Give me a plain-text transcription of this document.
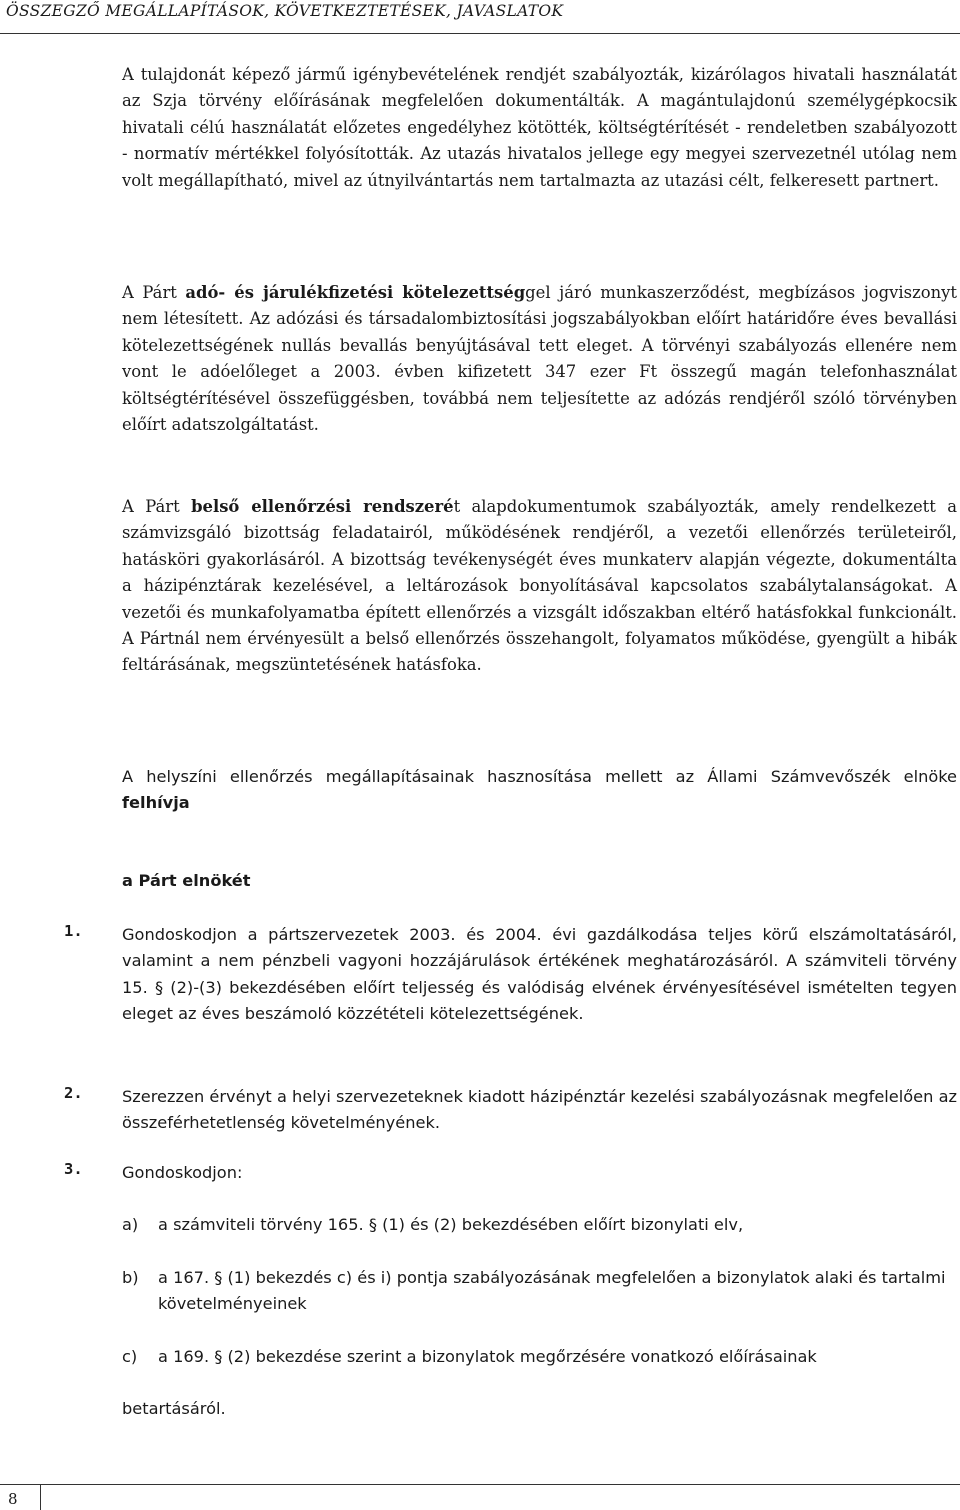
ÖSSZEGZŐ MEGÁLLAPÍTÁSOK, KÖVETKEZTETÉSEK, JAVASLATOK

A tulajdonát képező jármű igénybevételének rendjét szabályozták, kizárólagos hivatali használatát az Szja törvény előírásának megfelelően dokumentálták. A magántulajdonú személygépkocsik hivatali célú használatát előzetes engedélyhez kötötték, költségtérítését - rendeletben szabályozott - normatív mértékkel folyósították. Az utazás hivatalos jellege egy megyei szervezetnél utólag nem volt megállapítható, mivel az útnyilvántartás nem tartalmazta az utazási célt, felkeresett partnert.

A Párt adó- és járulékfizetési kötelezettséggel járó munkaszerződést, megbízásos jogviszonyt nem létesített. Az adózási és társadalombiztosítási jogszabályokban előírt határidőre éves bevallási kötelezettségének nullás bevallás benyújtásával tett eleget. A törvényi szabályozás ellenére nem vont le adóelőleget a 2003. évben kifizetett 347 ezer Ft összegű magán telefonhasználat költségtérítésével összefüggésben, továbbá nem teljesítette az adózás rendjéről szóló törvényben előírt adatszolgáltatást.

A Párt belső ellenőrzési rendszerét alapdokumentumok szabályozták, amely rendelkezett a számvizsgáló bizottság feladatairól, működésének rendjéről, a vezetői ellenőrzés területeiről, hatásköri gyakorlásáról. A bizottság tevékenységét éves munkaterv alapján végezte, dokumentálta a házipénztárak kezelésével, a leltározások bonyolításával kapcsolatos szabálytalanságokat. A vezetői és munkafolyamatba épített ellenőrzés a vizsgált időszakban eltérő hatásfokkal funkcionált. A Pártnál nem érvényesült a belső ellenőrzés összehangolt, folyamatos működése, gyengült a hibák feltárásának, megszüntetésének hatásfoka.

A helyszíni ellenőrzés megállapításainak hasznosítása mellett az Állami Számvevőszék elnöke felhívja

a Párt elnökét

1. Gondoskodjon a pártszervezetek 2003. és 2004. évi gazdálkodása teljes körű elszámoltatásáról, valamint a nem pénzbeli vagyoni hozzájárulások értékének meghatározásáról. A számviteli törvény 15. § (2)-(3) bekezdésében előírt teljesség és valódiság elvének érvényesítésével ismételten tegyen eleget az éves beszámoló közzétételi kötelezettségének.

2. Szerezzen érvényt a helyi szervezeteknek kiadott házipénztár kezelési szabályozásnak megfelelően az összeférhetetlenség követelményének.

3. Gondoskodjon:

a) a számviteli törvény 165. § (1) és (2) bekezdésében előírt bizonylati elv,
b) a 167. § (1) bekezdés c) és i) pontja szabályozásának megfelelően a bizonylatok alaki és tartalmi követelményeinek
c) a 169. § (2) bekezdése szerint a bizonylatok megőrzésére vonatkozó előírásainak
betartásáról.
8
